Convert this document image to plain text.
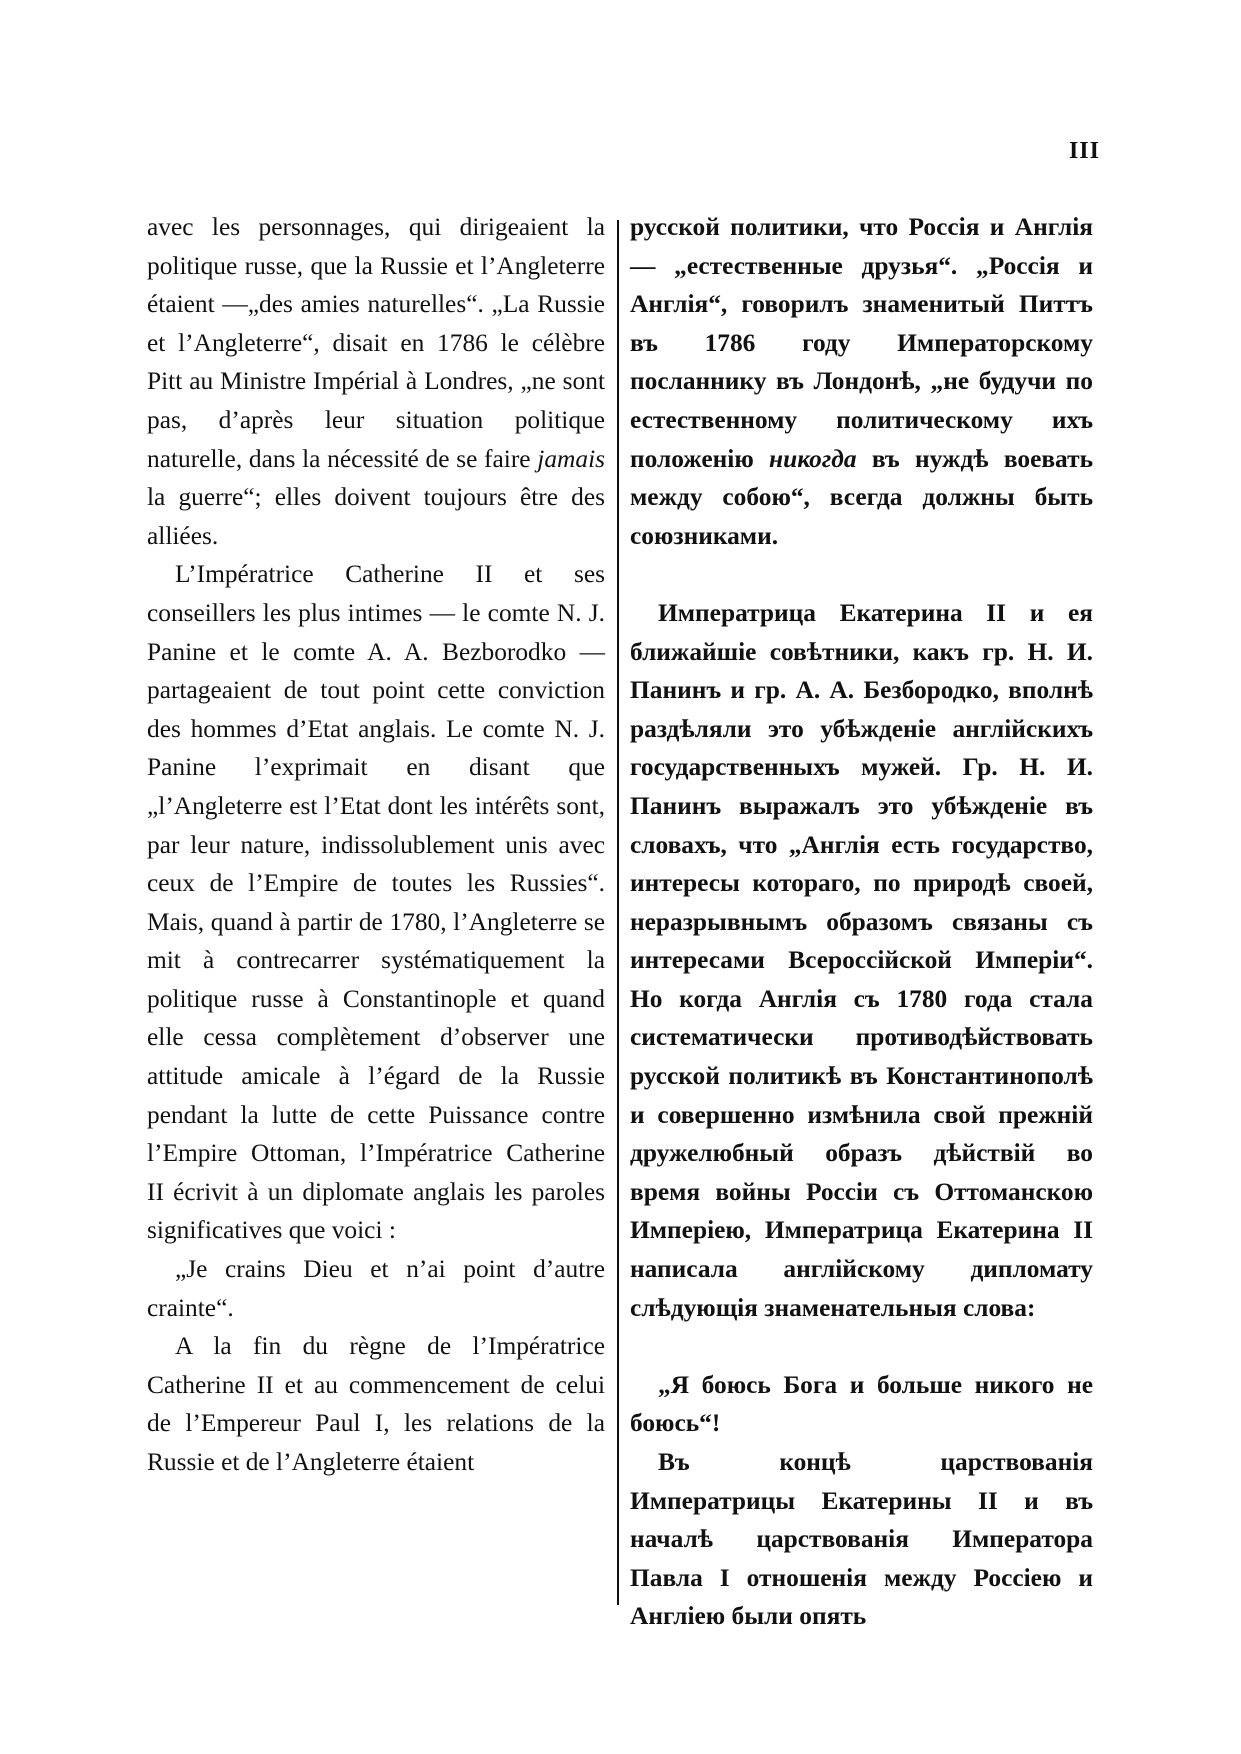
III

avec les personnages, qui dirigeaient la politique russe, que la Russie et l’Angleterre étaient —„des amies naturelles“. „La Russie et l’Angleterre“, disait en 1786 le célèbre Pitt au Ministre Impérial à Londres, „ne sont pas, d’après leur situation politique naturelle, dans la nécessité de se faire jamais la guerre“; elles doivent toujours être des alliées.

L’Impératrice Catherine II et ses conseillers les plus intimes — le comte N. J. Panine et le comte A. A. Bezborodko — partageaient de tout point cette conviction des hommes d’Etat anglais. Le comte N. J. Panine l’exprimait en disant que „l’Angleterre est l’Etat dont les intérêts sont, par leur nature, indissolublement unis avec ceux de l’Empire de toutes les Russies“. Mais, quand à partir de 1780, l’Angleterre se mit à contrecarrer systématiquement la politique russe à Constantinople et quand elle cessa complètement d’observer une attitude amicale à l’égard de la Russie pendant la lutte de cette Puissance contre l’Empire Ottoman, l’Impératrice Catherine II écrivit à un diplomate anglais les paroles significatives que voici :

„Je crains Dieu et n’ai point d’autre crainte“.

A la fin du règne de l’Impératrice Catherine II et au commencement de celui de l’Empereur Paul I, les relations de la Russie et de l’Angleterre étaient

русской политики, что Россія и Англія — „естественные друзья“. „Россія и Англія“, говорилъ знаменитый Питтъ въ 1786 году Императорскому посланнику въ Лондонѣ, „не будучи по естественному политическому ихъ положенію никогда въ нуждѣ воевать между собою“, всегда должны быть союзниками.

Императрица Екатерина II и ея ближайшіе совѣтники, какъ гр. Н. И. Панинъ и гр. А. А. Безбородко, вполнѣ раздѣляли это убѣжденіе англійскихъ государственныхъ мужей. Гр. Н. И. Панинъ выражалъ это убѣжденіе въ словахъ, что „Англія есть государство, интересы котораго, по природѣ своей, неразрывнымъ образомъ связаны съ интересами Всероссійской Имперіи“. Но когда Англія съ 1780 года стала систематически противодѣйствовать русской политикѣ въ Константинополѣ и совершенно измѣнила свой прежній дружелюбный образъ дѣйствій во время войны Россіи съ Оттоманскою Имперіею, Императрица Екатерина II написала англійскому дипломату слѣдующія знаменательныя слова:

„Я боюсь Бога и больше никого не боюсь“!

Въ концѣ царствованія Императрицы Екатерины II и въ началѣ царствованія Императора Павла I отношенія между Россіею и Англіею были опять
